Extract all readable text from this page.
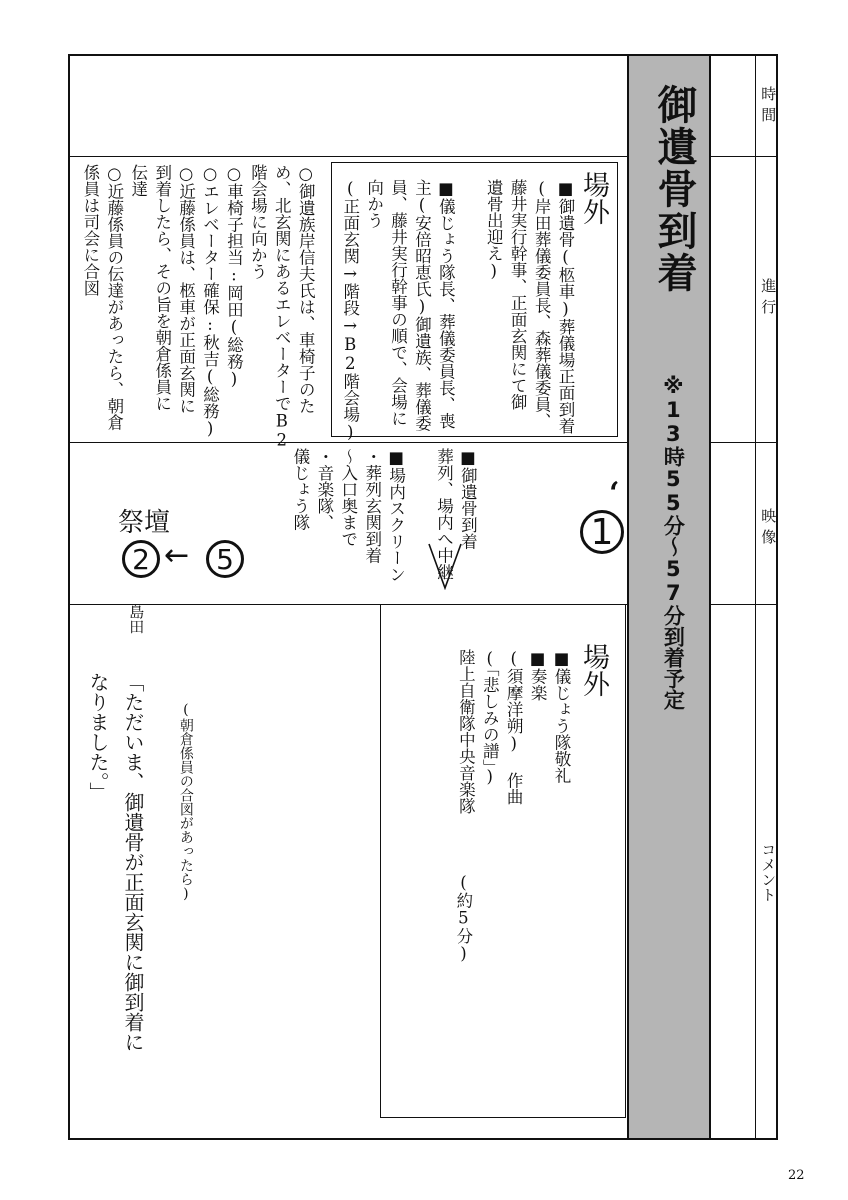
御遺骨到着
※13時55分〜57分到着予定
時間
進行
映像
コメント
場外
■御遺骨(柩車)葬儀場正面到着
(岸田葬儀委員長、森葬儀委員、
藤井実行幹事、正面玄関にて御
遺骨出迎え)

■儀じょう隊長、葬儀委員長、喪
主(安倍昭恵氏)御遺族、葬儀委
員、藤井実行幹事の順で、会場に
向かう
(正面玄関→階段→B2階会場)
○御遺族岸信夫氏は、車椅子のた
め、北玄関にあるエレベーターでB2
階会場に向かう
○車椅子担当:岡田(総務)
○エレベーター確保:秋吉(総務)
○近藤係員は、柩車が正面玄関に
到着したら、その旨を朝倉係員に
伝達
○近藤係員の伝達があったら、朝倉
係員は司会に合図
■御遺骨到着
葬列、場内へ中継

■場内スクリーン
・葬列玄関到着
〜入口奥まで
・音楽隊、
儀じょう隊
1
‘
祭壇
2 ← 5
場外
■儀じょう隊敬礼
■奏楽
(須摩洋朔) 作曲
(「悲しみの譜」)
陸上自衛隊中央音楽隊
(約5分)
島田
(朝倉係員の合図があったら)
「ただいま、御遺骨が正面玄関に御到着に
なりました。」
22
